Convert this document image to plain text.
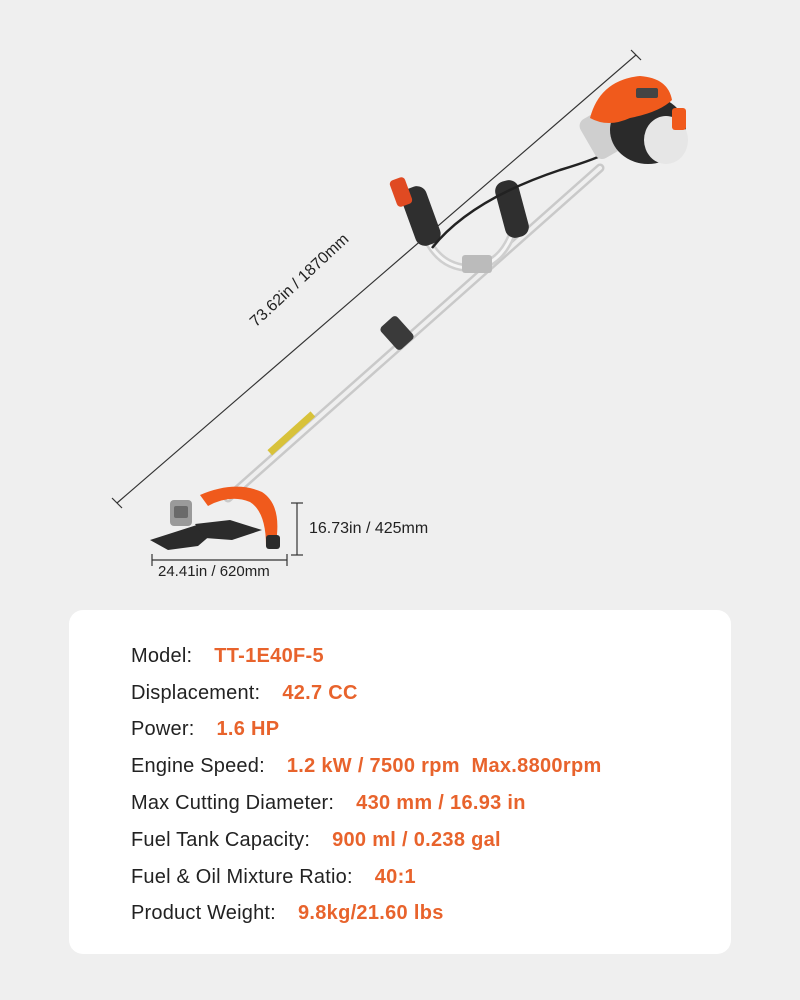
73.62in / 1870mm
16.73in / 425mm
24.41in / 620mm
Model: TT-1E40F-5
Displacement: 42.7 CC
Power: 1.6 HP
Engine Speed: 1.2 kW / 7500 rpm  Max.8800rpm
Max Cutting Diameter: 430 mm / 16.93 in
Fuel Tank Capacity: 900 ml / 0.238 gal
Fuel & Oil Mixture Ratio: 40:1
Product Weight: 9.8kg/21.60 lbs
